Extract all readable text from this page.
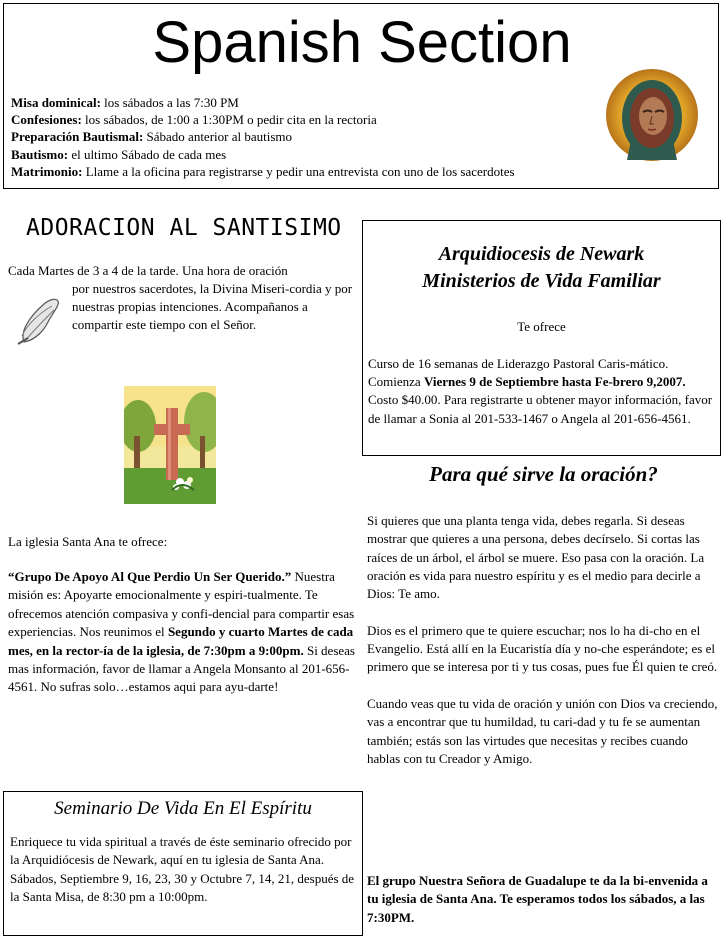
Spanish Section
Misa dominical: los sábados a las 7:30 PM
Confesiones: los sábados, de 1:00 a 1:30PM o pedir cita en la rectoria
Preparación Bautismal: Sábado anterior al bautismo
Bautismo: el ultimo Sábado de cada mes
Matrimonio: Llame a la oficina para registrarse y pedir una entrevista con uno de los sacerdotes
ADORACION AL SANTISIMO
Cada Martes de 3 a 4 de la tarde. Una hora de oración
por nuestros sacerdotes, la Divina Miseri-cordia y por nuestras propias intenciones. Acompañanos a compartir este tiempo con el Señor.
La iglesia Santa Ana te ofrece:
“Grupo De Apoyo Al Que Perdio Un Ser Querido.” Nuestra misión es: Apoyarte emocionalmente y espiri-tualmente. Te ofrecemos atención compasiva y confi-dencial para compartir esas experiencias. Nos reunimos el Segundo y cuarto Martes de cada mes, en la rector-ía de la iglesia, de 7:30pm a 9:00pm. Si deseas mas información, favor de llamar a Angela Monsanto al 201-656-4561. No sufras solo…estamos aqui para ayu-darte!
Seminario De Vida En El Espíritu
Enriquece tu vida spiritual a través de éste seminario ofrecido por la Arquidiócesis de Newark, aquí en tu iglesia de Santa Ana. Sábados, Septiembre 9, 16, 23, 30 y Octubre 7, 14, 21, después de la Santa Misa, de 8:30 pm a 10:00pm.
Arquidiocesis de Newark
Ministerios de Vida Familiar
Te ofrece
Curso de 16 semanas de Liderazgo Pastoral Caris-mático. Comienza Viernes 9 de Septiembre hasta Fe-brero 9,2007. Costo $40.00. Para registrarte u obtener mayor información, favor de llamar a Sonia al 201-533-1467 o Angela al 201-656-4561.
Para qué sirve la oración?

Si quieres que una planta tenga vida, debes regarla. Si deseas mostrar que quieres a una persona, debes decírselo. Si cortas las raíces de un árbol, el árbol se muere. Eso pasa con la oración. La oración es vida para nuestro espíritu y es el medio para decirle a Dios: Te amo.

Dios es el primero que te quiere escuchar; nos lo ha di-cho en el Evangelio. Está allí en la Eucaristía día y no-che esperándote; es el primero que se interesa por ti y tus cosas, pues fue Él quien te creó.

Cuando veas que tu vida de oración y unión con Dios va creciendo, vas a encontrar que tu humildad, tu cari-dad y tu fe se aumentan también; estás son las virtudes que necesitas y recibes cuando hablas con tu Creador y Amigo.

El grupo Nuestra Señora de Guadalupe te da la bi-envenida a tu iglesia de Santa Ana. Te esperamos todos los sábados, a las 7:30PM.
